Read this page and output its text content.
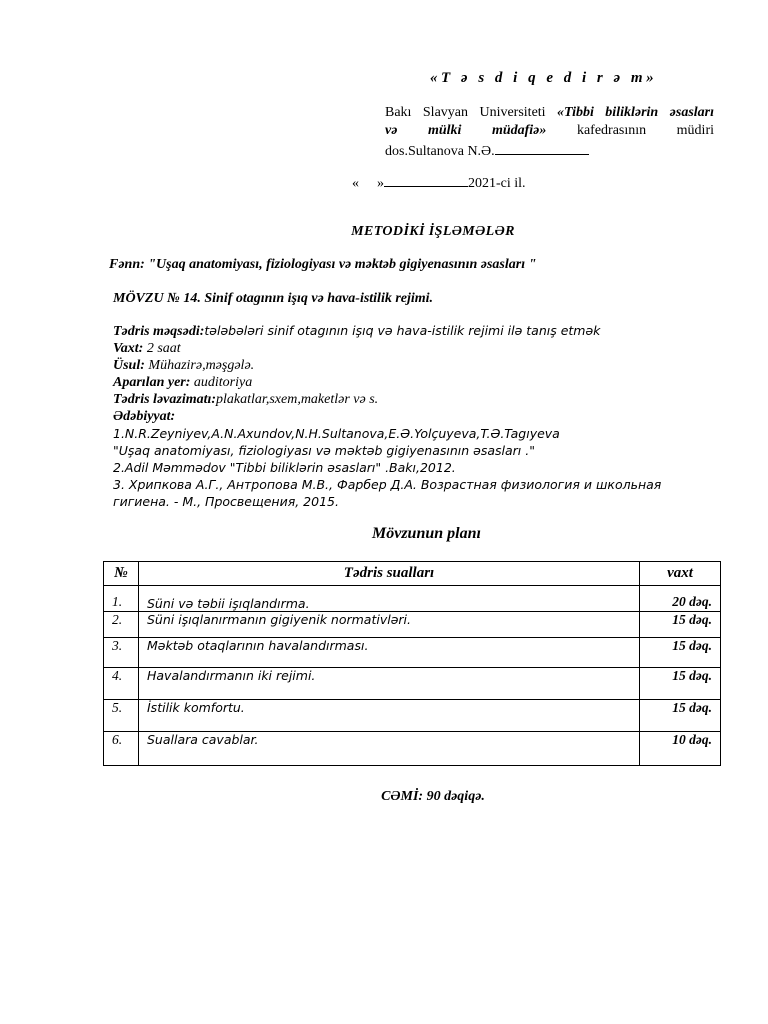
«T ə s d i q e d i r ə m»
Bakı Slavyan Universiteti «Tibbi biliklərin əsasları
və mülki müdafiə» kafedrasının müdiri
dos.Sultanova N.Ə.
« »	2021-ci il.
METODİKİ İŞLƏMƏLƏR
Fənn: "Uşaq anatomiyası, fiziologiyası və məktəb gigiyenasının əsasları "
MÖVZU № 14. Sinif otagının işıq və hava-istilik rejimi.
Tədris məqsədi:tələbələri sinif otagının işıq və hava-istilik rejimi ilə tanış etmək
Vaxt: 2 saat
Üsul: Mühazirə,məşgələ.
Aparılan yer: auditoriya
Tədris ləvazimatı:plakatlar,sxem,maketlər və s.
Ədəbiyyat:
1.N.R.Zeyniyev,A.N.Axundov,N.H.Sultanova,E.Ə.Yolçuyeva,T.Ə.Tagıyeva
"Uşaq anatomiyası, fiziologiyası və məktəb gigiyenasının əsasları ."
2.Adil Məmmədov "Tibbi biliklərin əsasları" .Bakı,2012.
3. Хрипкова А.Г., Антропова М.В., Фарбер Д.А. Возрастная физиология и школьная
гигиена. - М., Просвещения, 2015.
Mövzunun planı
№	Tədris sualları	vaxt
1.	Süni və təbii işıqlandırma.	20 dəq.
2.	Süni işıqlanırmanın gigiyenik normativləri.	15 dəq.
3.	Məktəb otaqlarının havalandırması.	15 dəq.
4.	Havalandırmanın iki rejimi.	15 dəq.
5.	İstilik komfortu.	15 dəq.
6.	Suallara cavablar.	10 dəq.
CƏMİ: 90 dəqiqə.
